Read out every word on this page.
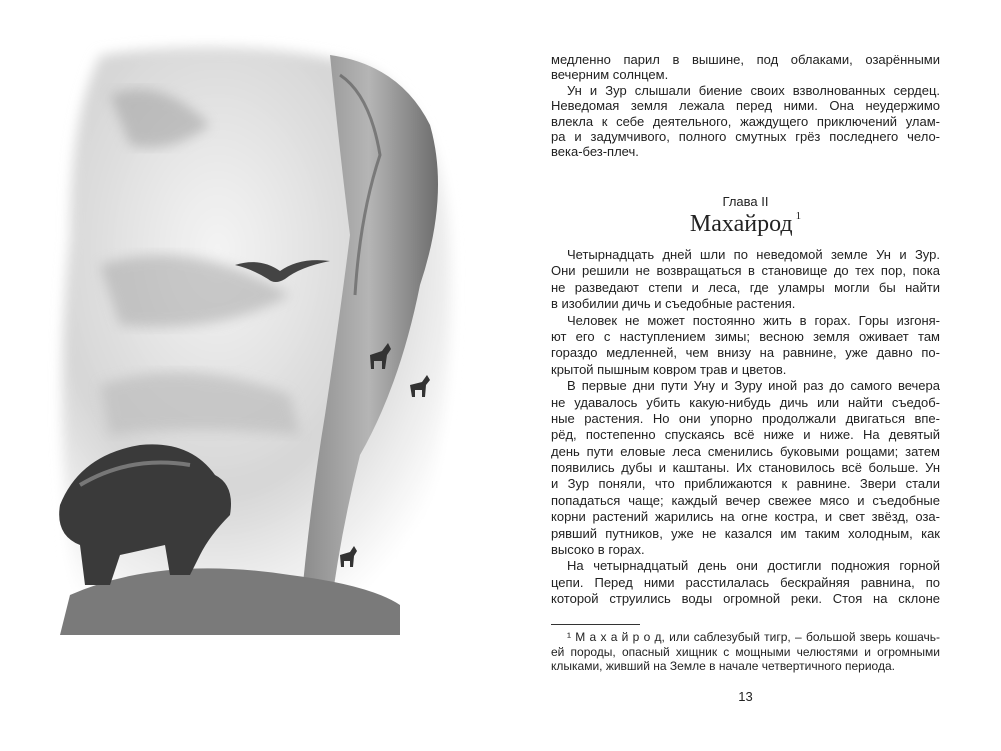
медленно парил в вышине, под облаками, озарёнными
вечерним солнцем.
Ун и Зур слышали биение своих взволнованных сердец.
Неведомая земля лежала перед ними. Она неудержимо
влекла к себе деятельного, жаждущего приключений улам-
ра и задумчивого, полного смутных грёз последнего чело-
века-без-плеч.
Глава II
Махайрод $^1$
Четырнадцать дней шли по неведомой земле Ун и Зур.
Они решили не возвращаться в становище до тех пор, пока
не разведают степи и леса, где уламры могли бы найти
в изобилии дичь и съедобные растения.
Человек не может постоянно жить в горах. Горы изгоня-
ют его с наступлением зимы; весною земля оживает там
гораздо медленней, чем внизу на равнине, уже давно по-
крытой пышным ковром трав и цветов.
В первые дни пути Уну и Зуру иной раз до самого вечера
не удавалось убить какую-нибудь дичь или найти съедоб-
ные растения. Но они упорно продолжали двигаться впе-
рёд, постепенно спускаясь всё ниже и ниже. На девятый
день пути еловые леса сменились буковыми рощами; затем
появились дубы и каштаны. Их становилось всё больше. Ун
и Зур поняли, что приближаются к равнине. Звери стали
попадаться чаще; каждый вечер свежее мясо и съедобные
корни растений жарились на огне костра, и свет звёзд, оза-
рявший путников, уже не казался им таким холодным, как
высоко в горах.
На четырнадцатый день они достигли подножия горной
цепи. Перед ними расстилалась бескрайняя равнина, по
которой струились воды огромной реки. Стоя на склоне
¹ М а х а й р о д, или саблезубый тигр, – большой зверь кошачь-
ей породы, опасный хищник с мощными челюстями и огромными
клыками, живший на Земле в начале четвертичного периода.
13
